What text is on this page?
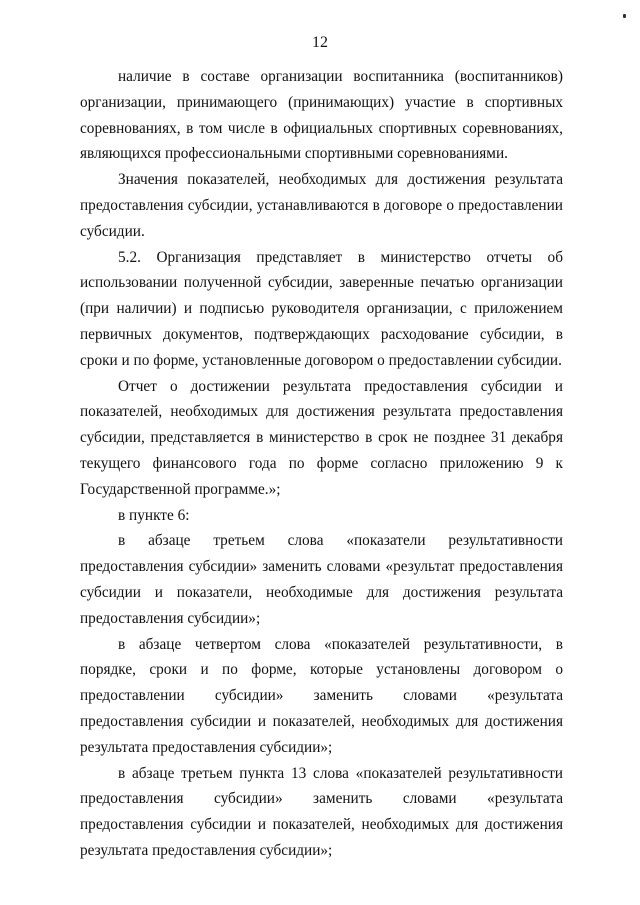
12

наличие в составе организации воспитанника (воспитанников) организации, принимающего (принимающих) участие в спортивных соревнованиях, в том числе в официальных спортивных соревнованиях, являющихся профессиональными спортивными соревнованиями.

Значения показателей, необходимых для достижения результата предоставления субсидии, устанавливаются в договоре о предоставлении субсидии.

5.2. Организация представляет в министерство отчеты об использовании полученной субсидии, заверенные печатью организации (при наличии) и подписью руководителя организации, с приложением первичных документов, подтверждающих расходование субсидии, в сроки и по форме, установленные договором о предоставлении субсидии.

Отчет о достижении результата предоставления субсидии и показателей, необходимых для достижения результата предоставления субсидии, представляется в министерство в срок не позднее 31 декабря текущего финансового года по форме согласно приложению 9 к Государственной программе.»;

в пункте 6:

в абзаце третьем слова «показатели результативности предоставления субсидии» заменить словами «результат предоставления субсидии и показатели, необходимые для достижения результата предоставления субсидии»;

в абзаце четвертом слова «показателей результативности, в порядке, сроки и по форме, которые установлены договором о предоставлении субсидии» заменить словами «результата предоставления субсидии и показателей, необходимых для достижения результата предоставления субсидии»;

в абзаце третьем пункта 13 слова «показателей результативности предоставления субсидии» заменить словами «результата предоставления субсидии и показателей, необходимых для достижения результата предоставления субсидии»;
